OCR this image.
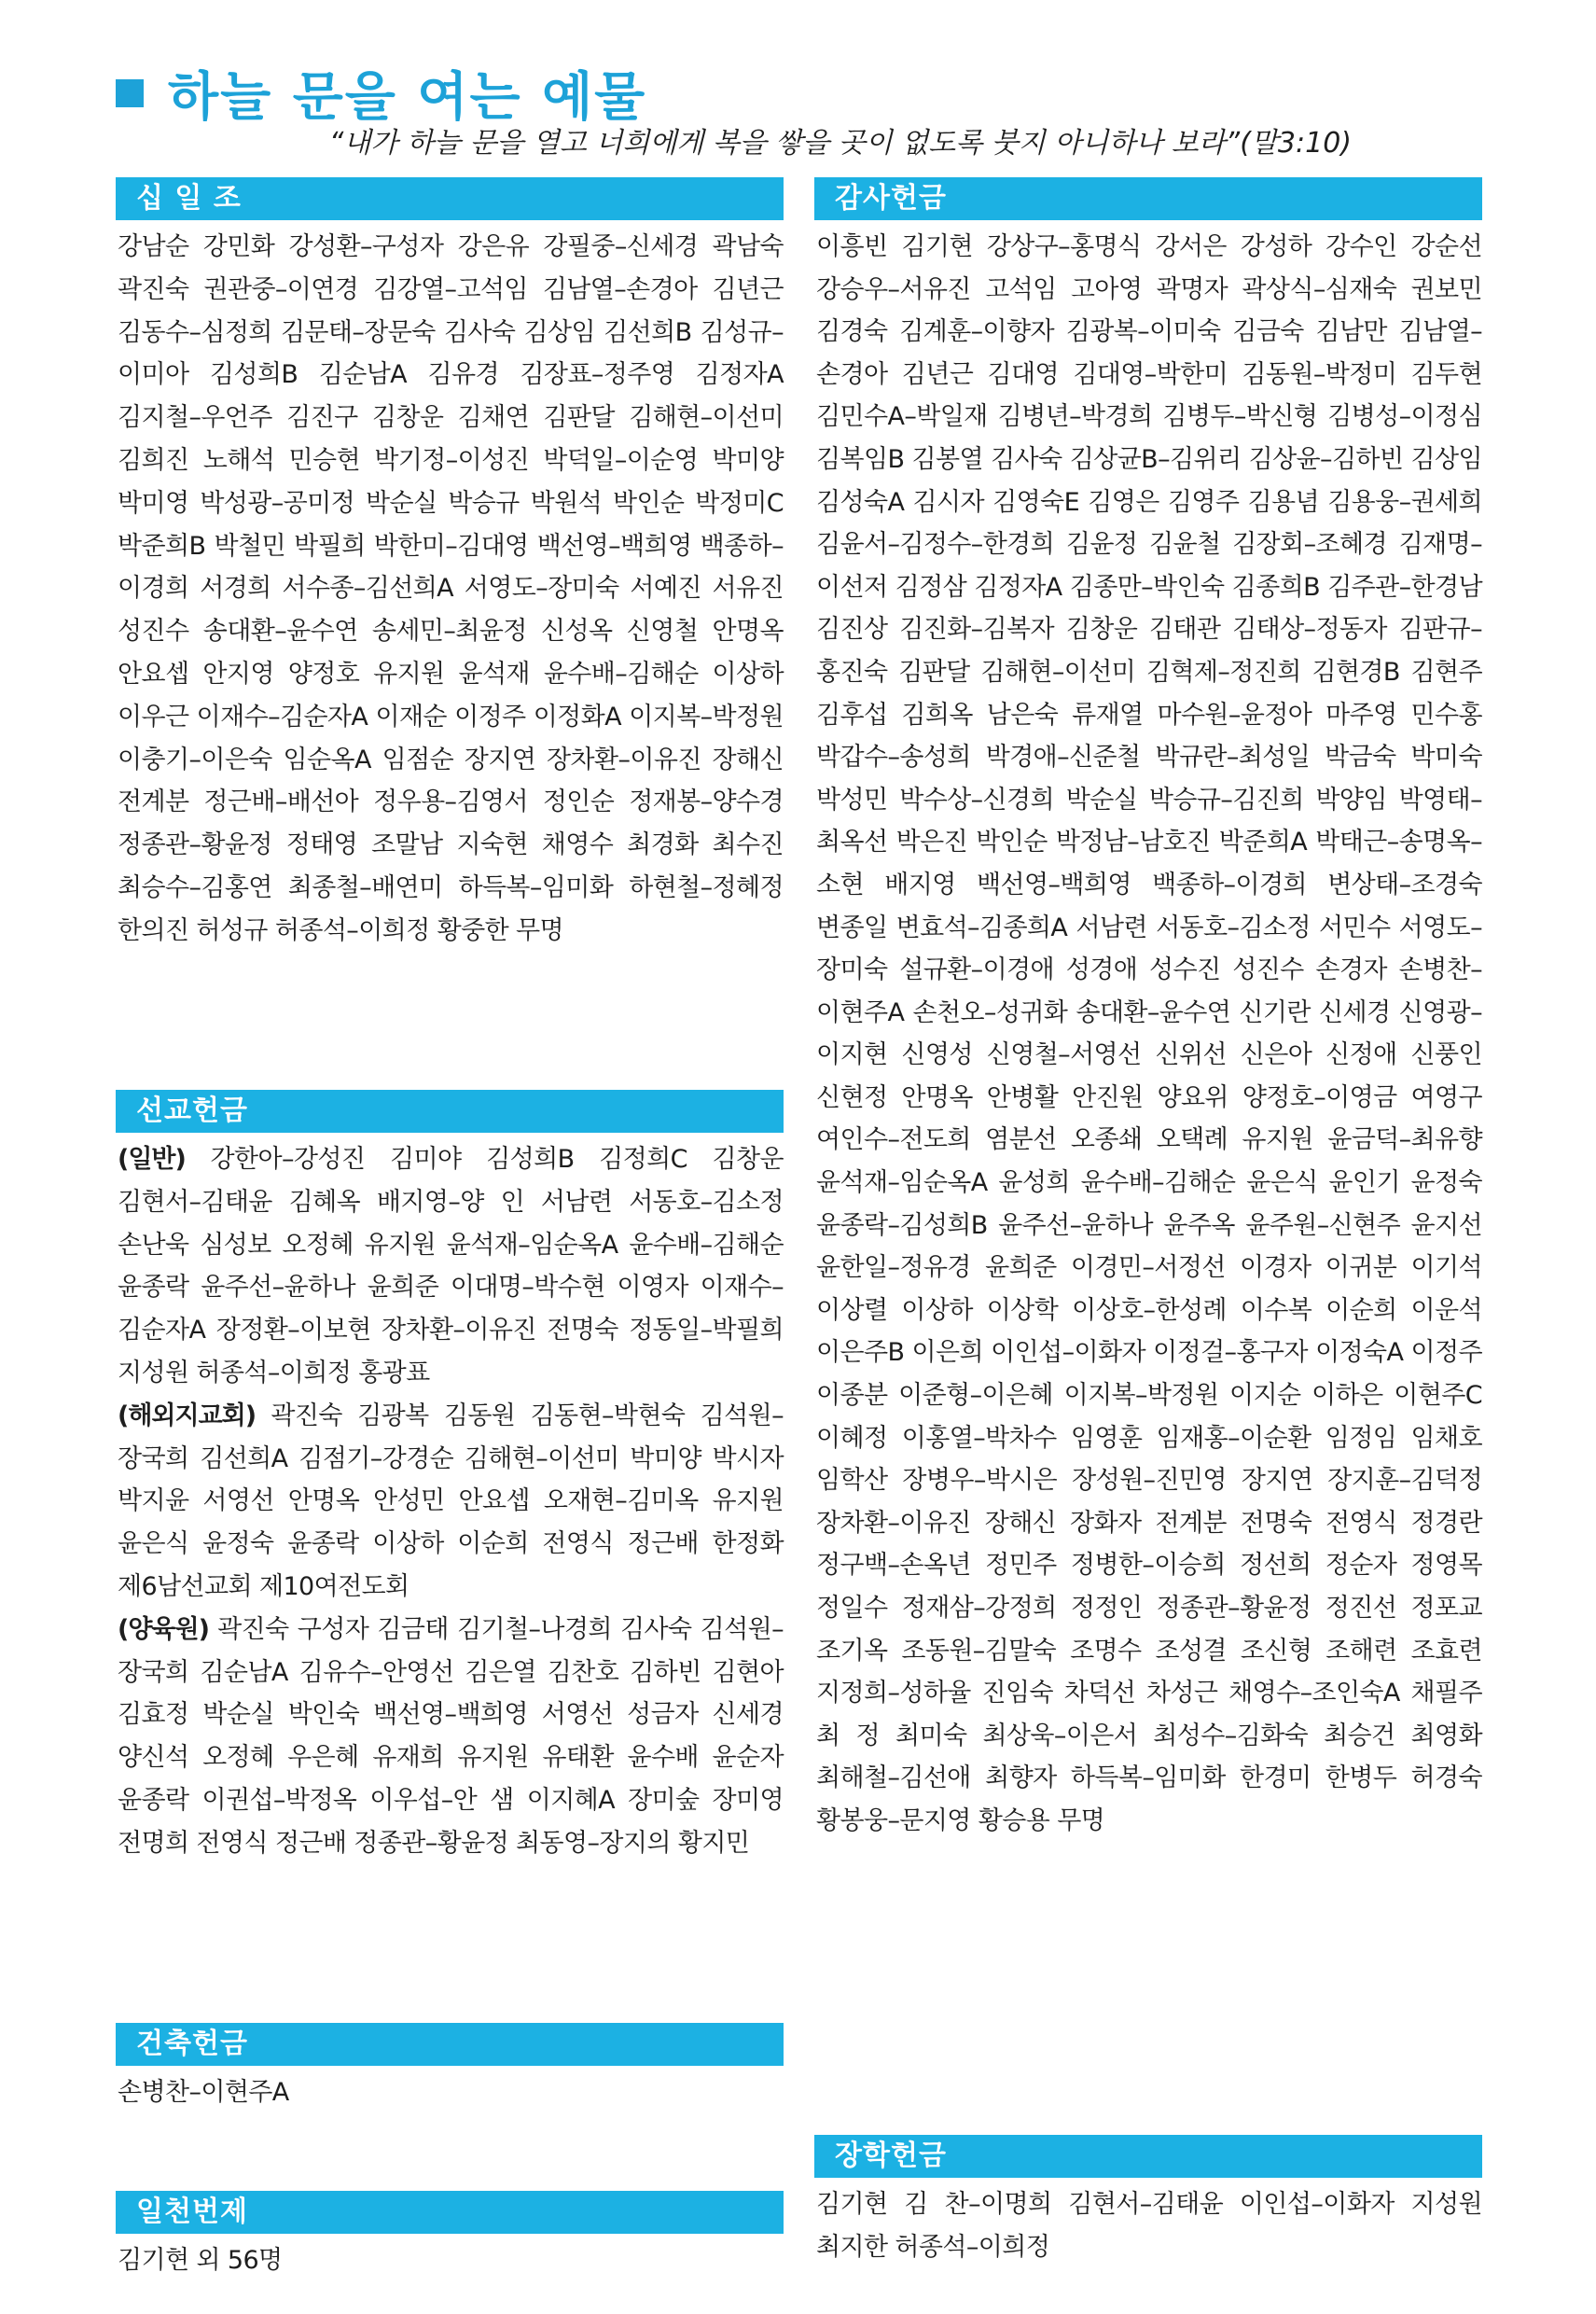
하늘 문을 여는 예물
“내가 하늘 문을 열고 너희에게 복을 쌓을 곳이 없도록 붓지 아니하나 보라”(말3:10)
십 일 조
강남순 강민화 강성환–구성자 강은유 강필중–신세경 곽남숙 곽진숙 권관중–이연경 김강열–고석임 김남열–손경아 김년근 김동수–심정희 김문태–장문숙 김사숙 김상임 김선희B 김성규–이미아 김성희B 김순남A 김유경 김장표–정주영 김정자A 김지철–우언주 김진구 김창운 김채연 김판달 김해현–이선미 김희진 노해석 민승현 박기정–이성진 박덕일–이순영 박미양 박미영 박성광–공미정 박순실 박승규 박원석 박인순 박정미C 박준희B 박철민 박필희 박한미–김대영 백선영–백희영 백종하–이경희 서경희 서수종–김선희A 서영도–장미숙 서예진 서유진 성진수 송대환–윤수연 송세민–최윤정 신성옥 신영철 안명옥 안요셉 안지영 양정호 유지원 윤석재 윤수배–김해순 이상하 이우근 이재수–김순자A 이재순 이정주 이정화A 이지복–박정원 이충기–이은숙 임순옥A 임점순 장지연 장차환–이유진 장해신 전계분 정근배–배선아 정우용–김영서 정인순 정재봉–양수경 정종관–황윤정 정태영 조말남 지숙현 채영수 최경화 최수진 최승수–김홍연 최종철–배연미 하득복–임미화 하현철–정혜정 한의진 허성규 허종석–이희정 황중한 무명
선교헌금
(일반) 강한아–강성진 김미야 김성희B 김정희C 김창운 김현서–김태윤 김혜옥 배지영–양 인 서남련 서동호–김소정 손난욱 심성보 오정혜 유지원 윤석재–임순옥A 윤수배–김해순 윤종락 윤주선–윤하나 윤희준 이대명–박수현 이영자 이재수–김순자A 장정환–이보현 장차환–이유진 전명숙 정동일–박필희 지성원 허종석–이희정 홍광표
(해외지교회) 곽진숙 김광복 김동원 김동현–박현숙 김석원–장국희 김선희A 김점기–강경순 김해현–이선미 박미양 박시자 박지윤 서영선 안명옥 안성민 안요셉 오재현–김미옥 유지원 윤은식 윤정숙 윤종락 이상하 이순희 전영식 정근배 한정화 제6남선교회 제10여전도회
(양육원) 곽진숙 구성자 김금태 김기철–나경희 김사숙 김석원–장국희 김순남A 김유수–안영선 김은열 김찬호 김하빈 김현아 김효정 박순실 박인숙 백선영–백희영 서영선 성금자 신세경 양신석 오정혜 우은혜 유재희 유지원 유태환 윤수배 윤순자 윤종락 이권섭–박정옥 이우섭–안 샘 이지혜A 장미숲 장미영 전명희 전영식 정근배 정종관–황윤정 최동영–장지의 황지민
건축헌금
손병찬–이현주A
일천번제
김기현 외 56명
감사헌금
이흥빈 김기현 강상구–홍명식 강서은 강성하 강수인 강순선 강승우–서유진 고석임 고아영 곽명자 곽상식–심재숙 권보민 김경숙 김계훈–이향자 김광복–이미숙 김금숙 김남만 김남열–손경아 김년근 김대영 김대영–박한미 김동원–박정미 김두현 김민수A–박일재 김병년–박경희 김병두–박신형 김병성–이정심 김복임B 김봉열 김사숙 김상균B–김위리 김상윤–김하빈 김상임 김성숙A 김시자 김영숙E 김영은 김영주 김용념 김용웅–권세희 김윤서–김정수–한경희 김윤정 김윤철 김장회–조혜경 김재명–이선저 김정삼 김정자A 김종만–박인숙 김종희B 김주관–한경남 김진상 김진화–김복자 김창운 김태관 김태상–정동자 김판규–홍진숙 김판달 김해현–이선미 김혁제–정진희 김현경B 김현주 김후섭 김희옥 남은숙 류재열 마수원–윤정아 마주영 민수홍 박갑수–송성희 박경애–신준철 박규란–최성일 박금숙 박미숙 박성민 박수상–신경희 박순실 박승규–김진희 박양임 박영태–최옥선 박은진 박인순 박정남–남호진 박준희A 박태근–송명옥–소현 배지영 백선영–백희영 백종하–이경희 변상태–조경숙 변종일 변효석–김종희A 서남련 서동호–김소정 서민수 서영도–장미숙 설규환–이경애 성경애 성수진 성진수 손경자 손병찬–이현주A 손천오–성귀화 송대환–윤수연 신기란 신세경 신영광–이지현 신영성 신영철–서영선 신위선 신은아 신정애 신풍인 신현정 안명옥 안병활 안진원 양요위 양정호–이영금 여영구 여인수–전도희 염분선 오종쇄 오택례 유지원 윤금덕–최유향 윤석재–임순옥A 윤성희 윤수배–김해순 윤은식 윤인기 윤정숙 윤종락–김성희B 윤주선–윤하나 윤주옥 윤주원–신현주 윤지선 윤한일–정유경 윤희준 이경민–서정선 이경자 이귀분 이기석 이상렬 이상하 이상학 이상호–한성례 이수복 이순희 이운석 이은주B 이은희 이인섭–이화자 이정걸–홍구자 이정숙A 이정주 이종분 이준형–이은혜 이지복–박정원 이지순 이하은 이현주C 이혜정 이홍열–박차수 임영훈 임재홍–이순환 임정임 임채호 임학산 장병우–박시은 장성원–진민영 장지연 장지훈–김덕정 장차환–이유진 장해신 장화자 전계분 전명숙 전영식 정경란 정구백–손옥년 정민주 정병한–이승희 정선희 정순자 정영목 정일수 정재삼–강정희 정정인 정종관–황윤정 정진선 정포교 조기옥 조동원–김말숙 조명수 조성결 조신형 조해련 조효련 지정희–성하율 진임숙 차덕선 차성근 채영수–조인숙A 채필주 최 정 최미숙 최상욱–이은서 최성수–김화숙 최승건 최영화 최해철–김선애 최향자 하득복–임미화 한경미 한병두 허경숙 황봉웅–문지영 황승용 무명
장학헌금
김기현 김 찬–이명희 김현서–김태윤 이인섭–이화자 지성원 최지한 허종석–이희정
